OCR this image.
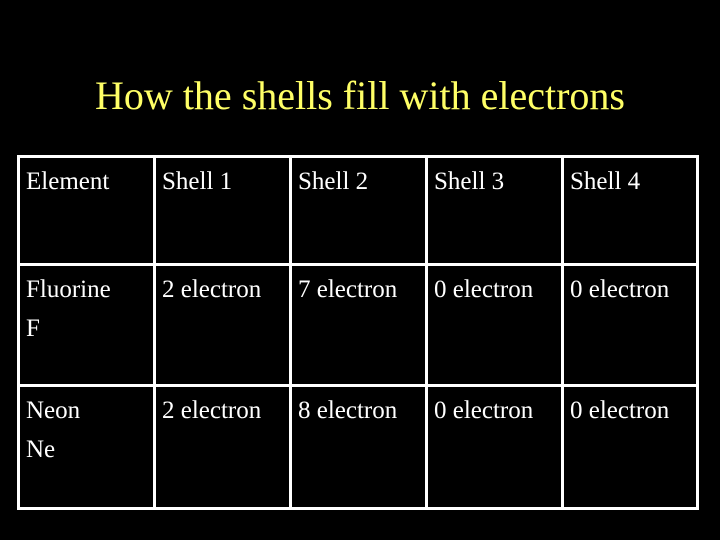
How the shells fill with electrons
Element	Shell 1	Shell 2	Shell 3	Shell 4

Fluorine
F	2 electron	7 electron	0 electron	0 electron

Neon
Ne	2 electron	8 electron	0 electron	0 electron
